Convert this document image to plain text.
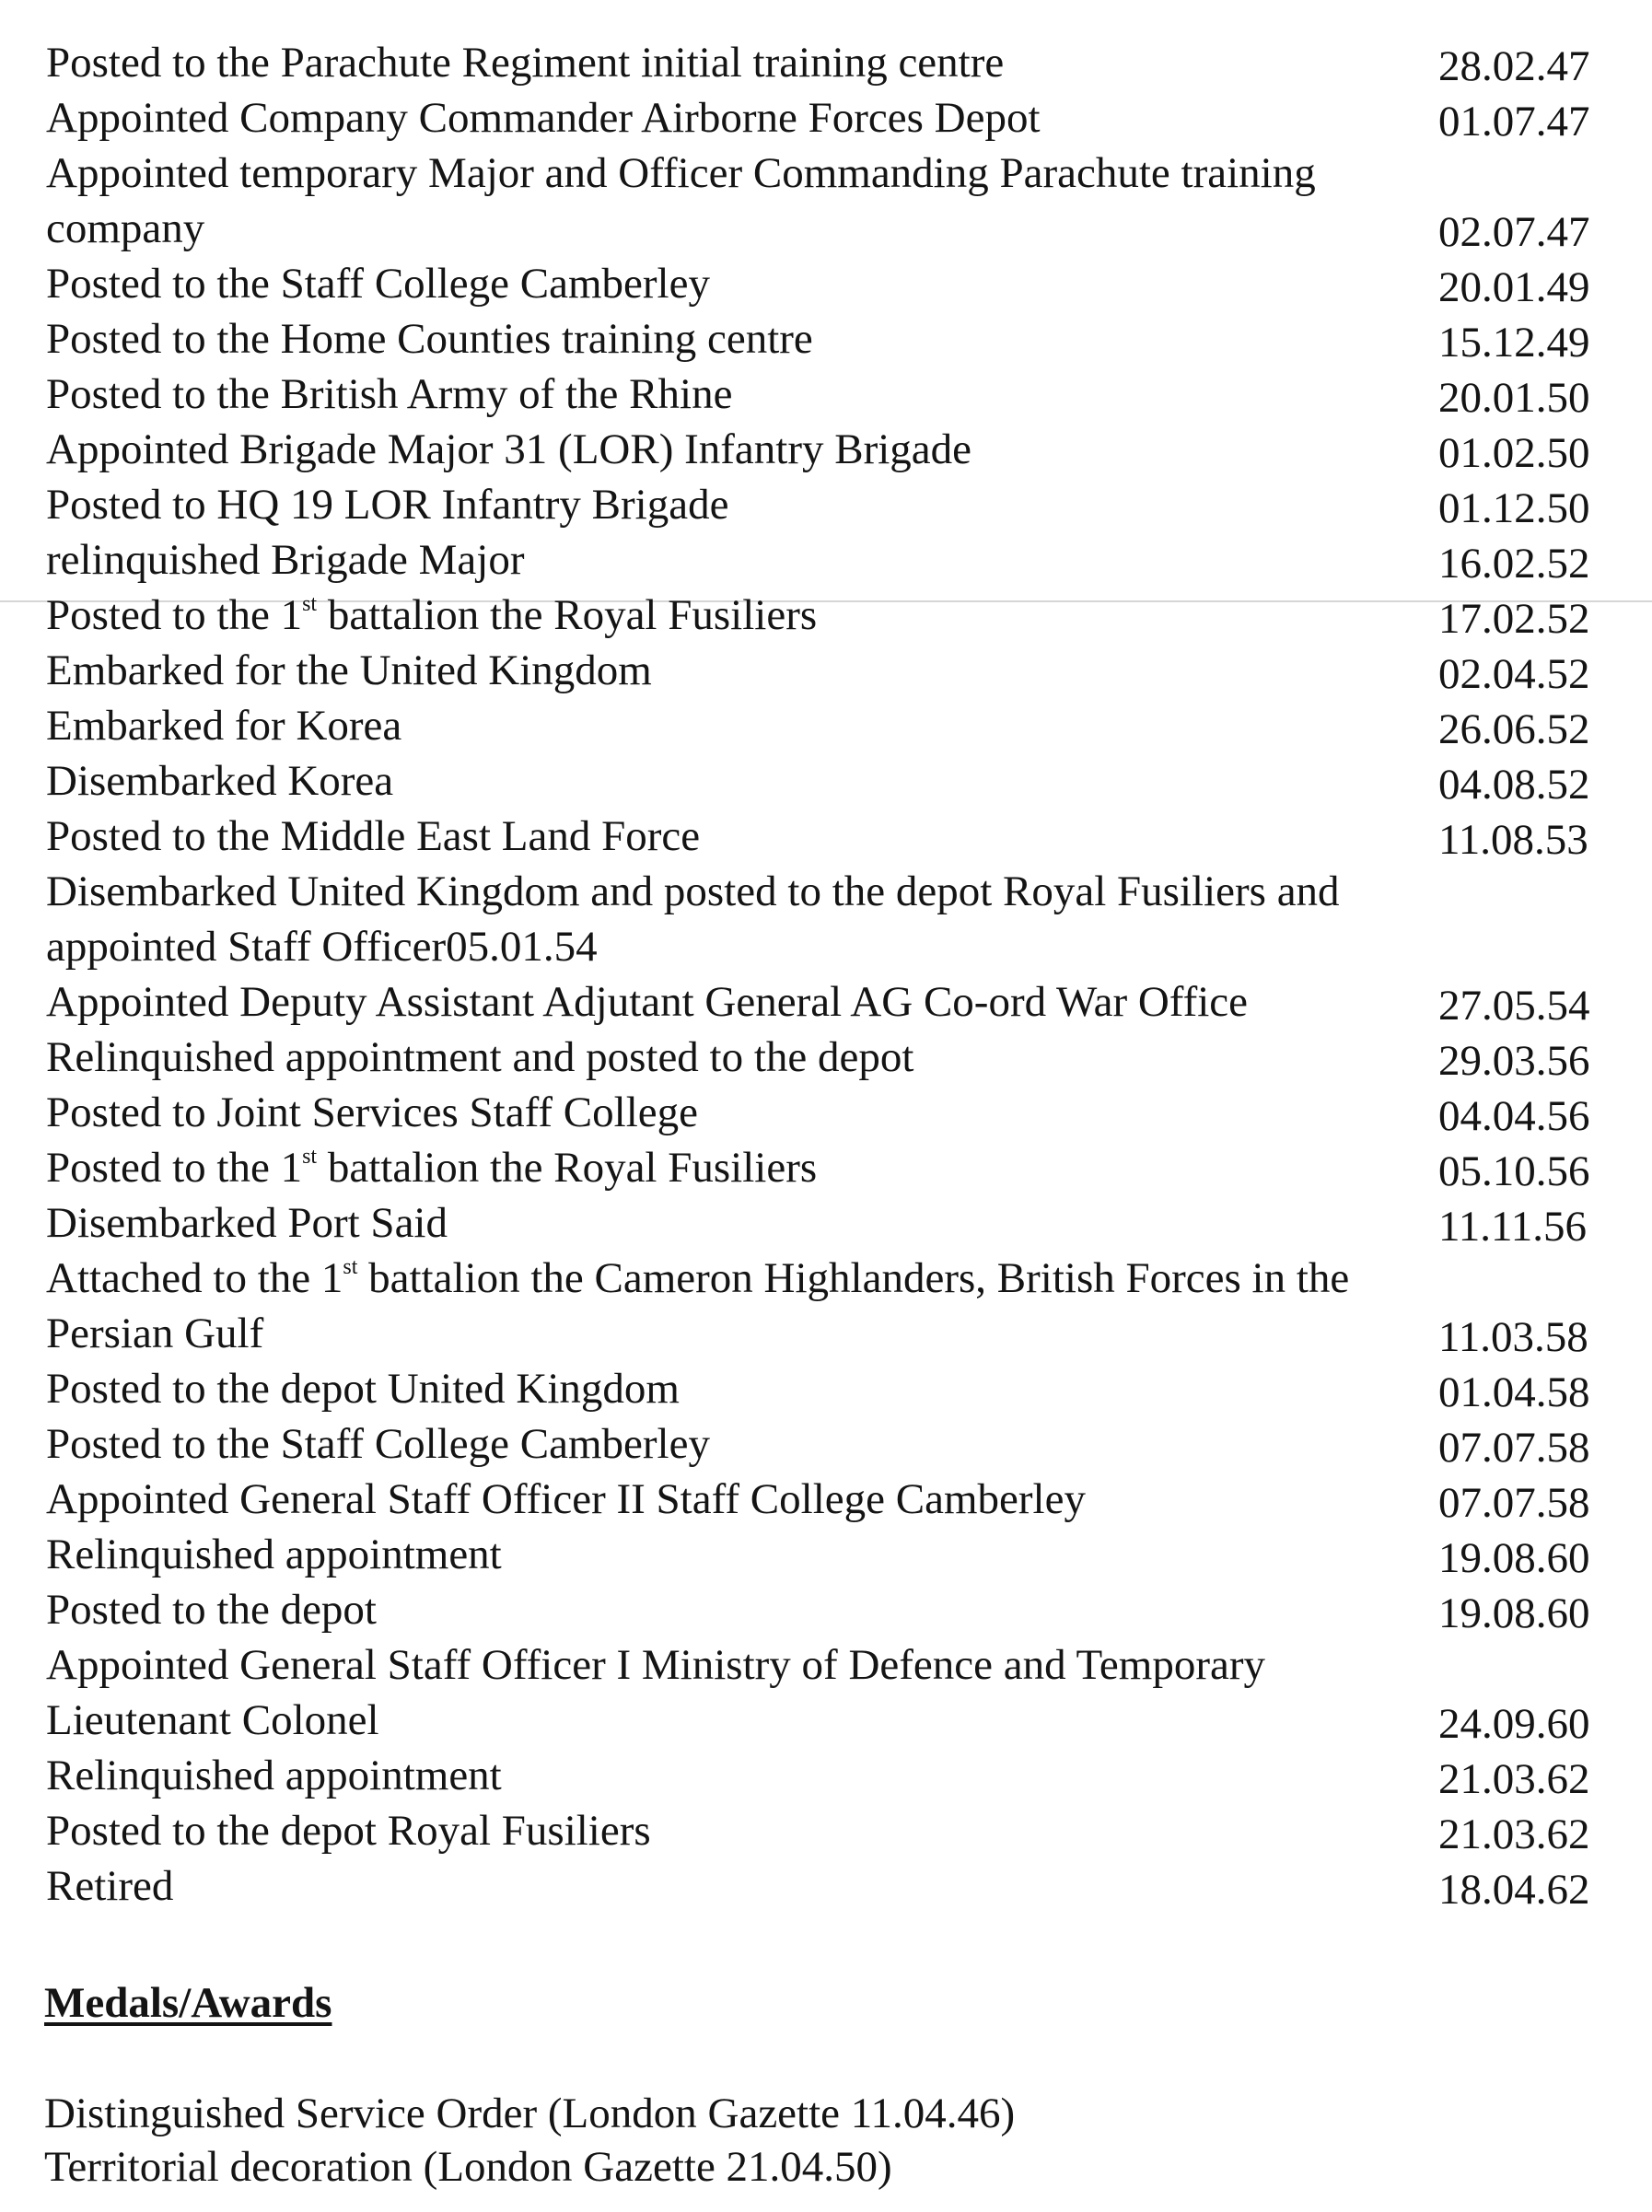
Posted to the Parachute Regiment initial training centre	28.02.47
Appointed Company Commander Airborne Forces Depot	01.07.47
Appointed temporary Major and Officer Commanding Parachute training company	02.07.47
Posted to the Staff College Camberley	20.01.49
Posted to the Home Counties training centre	15.12.49
Posted to the British Army of the Rhine	20.01.50
Appointed Brigade Major 31 (LOR) Infantry Brigade	01.02.50
Posted to HQ 19 LOR Infantry Brigade	01.12.50
relinquished Brigade Major	16.02.52
Posted to the 1st battalion the Royal Fusiliers	17.02.52
Embarked for the United Kingdom	02.04.52
Embarked for Korea	26.06.52
Disembarked Korea	04.08.52
Posted to the Middle East Land Force	11.08.53
Disembarked United Kingdom and posted to the depot Royal Fusiliers and appointed Staff Officer05.01.54
Appointed Deputy Assistant Adjutant General AG Co-ord War Office	27.05.54
Relinquished appointment and posted to the depot	29.03.56
Posted to Joint Services Staff College	04.04.56
Posted to the 1st battalion the Royal Fusiliers	05.10.56
Disembarked Port Said	11.11.56
Attached to the 1st battalion the Cameron Highlanders, British Forces in the Persian Gulf	11.03.58
Posted to the depot United Kingdom	01.04.58
Posted to the Staff College Camberley	07.07.58
Appointed General Staff Officer II Staff College Camberley	07.07.58
Relinquished appointment	19.08.60
Posted to the depot	19.08.60
Appointed General Staff Officer I Ministry of Defence and Temporary Lieutenant Colonel	24.09.60
Relinquished appointment	21.03.62
Posted to the depot Royal Fusiliers	21.03.62
Retired	18.04.62
Medals/Awards
Distinguished Service Order (London Gazette 11.04.46)
Territorial decoration (London Gazette 21.04.50)
